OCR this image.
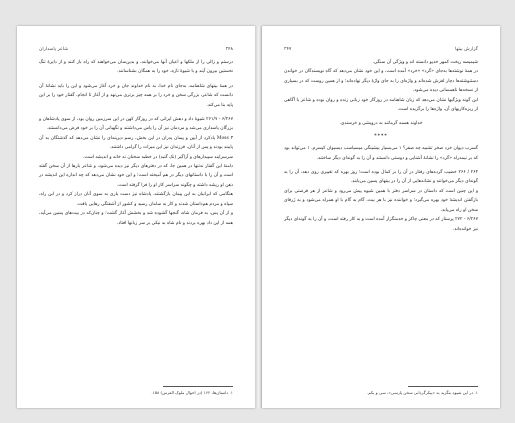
۲۴۸
شاعر پاسداران

درستم و زالی را از ملکها و اعیان آنها می‌خوانند، و بدین‌سان می‌خواهند که راه باز کنند و از دایرهٔ تنگ نخستین بیرون آیند و با شیوهٔ تازه، خود را به همگان بشناسانند.

در همهٔ بیتهای شاهنامه، به‌جای نام خدا، به نام خداوند جان و خرد آغاز می‌شود و این را باید نشانهٔ آن دانست که شاعر، بزرگی سخن و خرد را بر همه چیز برتری می‌نهد و از آغاز تا انجام، گفتار خود را بر این پایه بنا می‌کند.

۶/۲۶۷ - ۲۶۱/۷ شیوهٔ داد و دهش ایرانی که در روزگار کهن در این سرزمین روان بود، از سوی پادشاهان و بزرگان پاسداری می‌شد و مردمان نیز آن را پاس می‌داشتند و نگهبانی آن را بر خود فرض می‌دانستند.

۳ Moss یادکرد از آیین و پیمان پدران در این بخش، رسم دیرینه‌ای را نشان می‌دهد که گذشتگان به آن پایبند بودند و پس از آنان، فرزندان نیز این میراث را گرامی داشتند.

سرسرایند سپیدارهای و آزاگیر (نک گنبد) در خطبه سخنان نه خانه و اندیشه است.

دامنهٔ این گفتار نه‌تنها در همین جا، که در دفترهای دیگر نیز دیده می‌شود، و شاعر بارها از آن سخن گفته است و آن را با داستانهای دیگر در هم آمیخته است؛ و این خود نشان می‌دهد که چه اندازه این اندیشه در ذهن او ریشه داشته و چگونه سراسر کار او را فرا گرفته است.

هنگامی که ایرانیان به این پیمان بازگشتند، پادشاه نیز دست یاری به سوی آنان دراز کرد و در این راه، سپاه و مردم هم‌داستان شدند و کار به سامان رسید و کشور از آشفتگی رهایی یافت.

و از آن پس، به فرمان شاه، گنجها گشوده شد و بخشش آغاز گشت؛ و چنان‌که در بیت‌های پسین می‌آید، همه از این داد بهره بردند و نام شاه به نیکی بر سر زبانها افتاد.

۱. داستان‌ها، ۱۶۲ (در احوال ملوک الفرس) ۱۵۸.
گزارش بیتها
۲۴۷

شیمیصه ریخت کمهر خدیو دانسته اند و ویژگی آن سنگی.

در همهٔ نوشته‌ها به‌جای «گرد» «خرد» آمده است، و این خود نشان می‌دهد که گاه نویسندگان در خواندن دستنوشته‌ها دچار لغزش شده‌اند و واژه‌ای را به جای واژهٔ دیگر نهاده‌اند؛ و از همین روست که در بسیاری از نسخه‌ها ناهمسانی دیده می‌شود.

این گونه ویژگیها نشان می‌دهد که زبان شاهنامه در روزگار خود زبانی زنده و روان بوده و شاعر با آگاهی از ریزه‌کاریهای آن، واژه‌ها را برگزیده است.

خداوند هممه گرمانند به درویشی و خرسندی.

****

گسرب دیوان خرد صخر تشبیه چه صفر؟ ۱ می‌بسیار بیشینگی میسیاسب دیسیوان کیسرم. ۱ می‌تواند بود که بر نیمه‌راه «گرد» را نشانهٔ آشنایی و دوستی دانستند و آن را به گونه‌ای دیگر ساختند.

۲۶۴ / ۲۶۶ خضیب گرده‌های رفتار در آن را بر کمال بوده است؛ روز بهره که تغییری روی دهد، آن را به گونه‌ای دیگر می‌خوانند و نشانه‌هایی از آن را در بیتهای پسین می‌یابند.

و این چنین است که داستان در سراسر دفتر با همین شیوه پیش می‌رود و شاعر از هر فرصتی برای بازگفتن اندیشهٔ خود بهره می‌گیرد؛ و خواننده نیز با هر بیت، گام به گام با او همراه می‌شود و به ژرفای سخن او راه می‌یابد.

۶/۲۶۷ - ۲۷۲ پرستار که در معنی چاکر و خدمتگزار آمده است و به کار رفته است، و آن را به گونه‌ای دیگر نیز خوانده‌اند.

۱. در این شیوه بنگرید به «پیکرگردانی سخن پارسی»، سی و یکم.
